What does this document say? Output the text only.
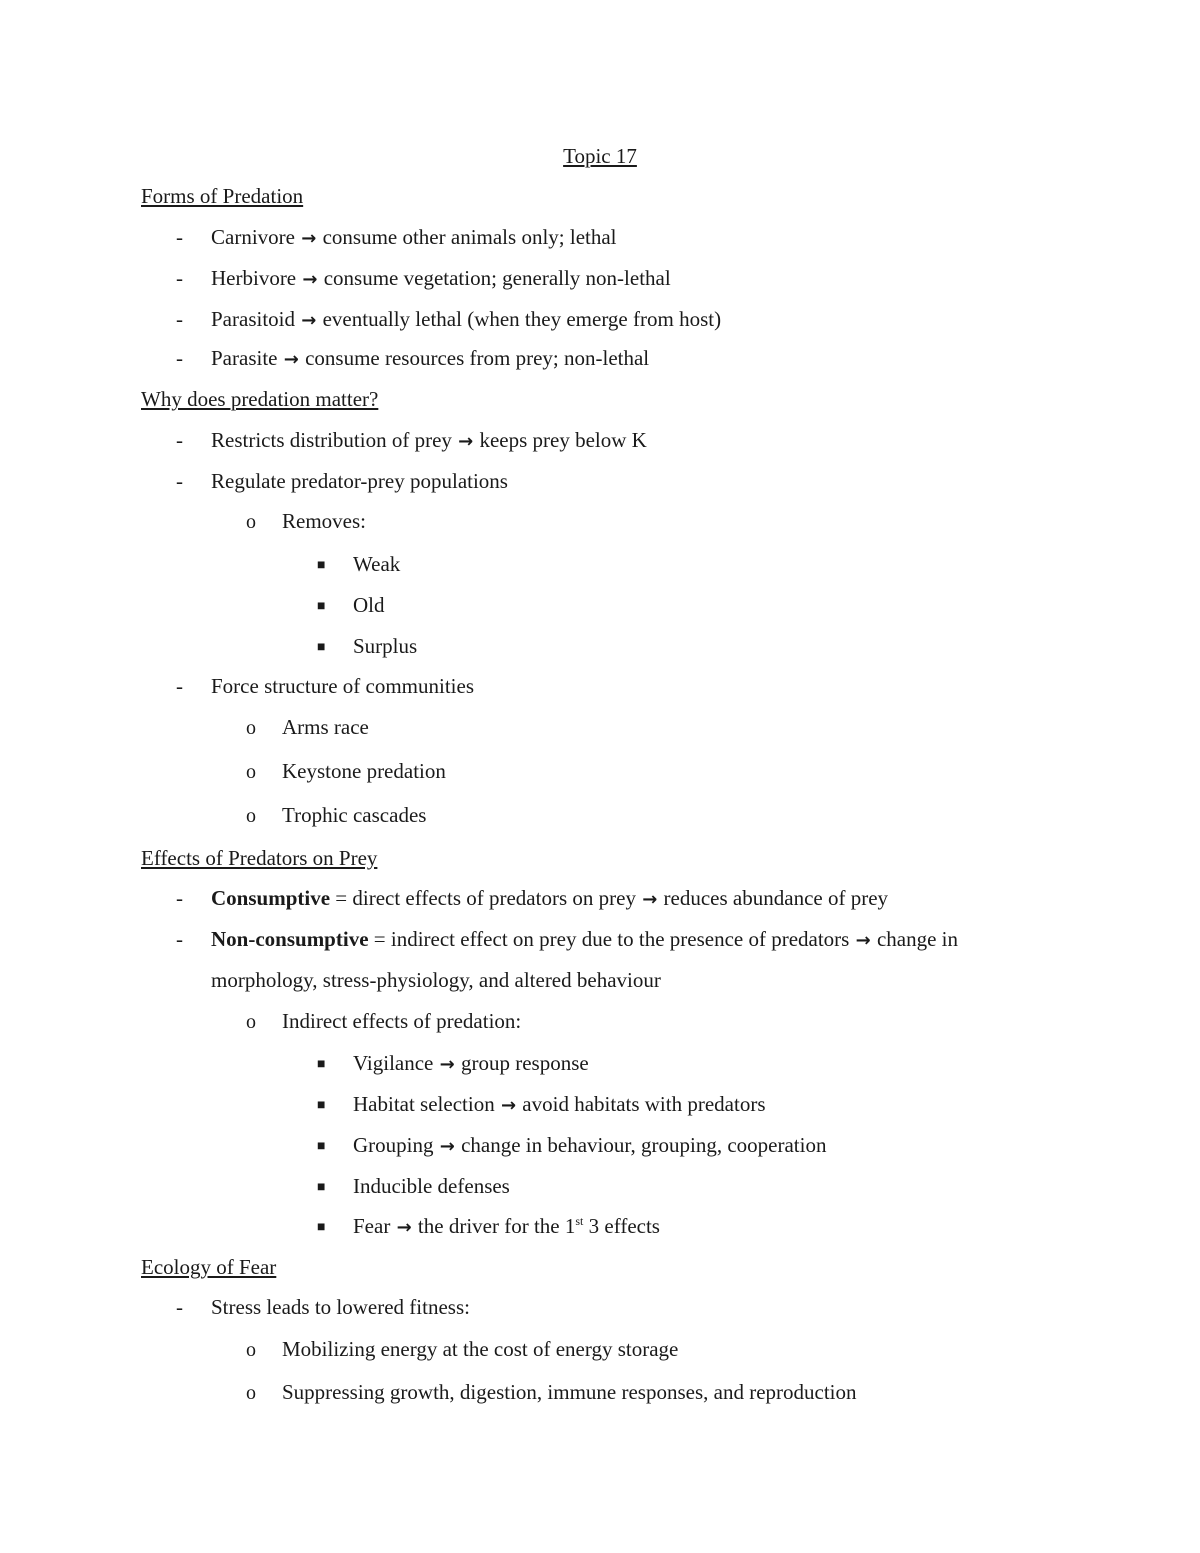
Topic 17
Forms of Predation
- Carnivore → consume other animals only; lethal
- Herbivore → consume vegetation; generally non-lethal
- Parasitoid → eventually lethal (when they emerge from host)
- Parasite → consume resources from prey; non-lethal
Why does predation matter?
- Restricts distribution of prey → keeps prey below K
- Regulate predator-prey populations
o Removes:
■ Weak
■ Old
■ Surplus
- Force structure of communities
o Arms race
o Keystone predation
o Trophic cascades
Effects of Predators on Prey
- Consumptive = direct effects of predators on prey → reduces abundance of prey
- Non-consumptive = indirect effect on prey due to the presence of predators → change in
morphology, stress-physiology, and altered behaviour
o Indirect effects of predation:
■ Vigilance → group response
■ Habitat selection → avoid habitats with predators
■ Grouping → change in behaviour, grouping, cooperation
■ Inducible defenses
■ Fear → the driver for the 1st 3 effects
Ecology of Fear
- Stress leads to lowered fitness:
o Mobilizing energy at the cost of energy storage
o Suppressing growth, digestion, immune responses, and reproduction
